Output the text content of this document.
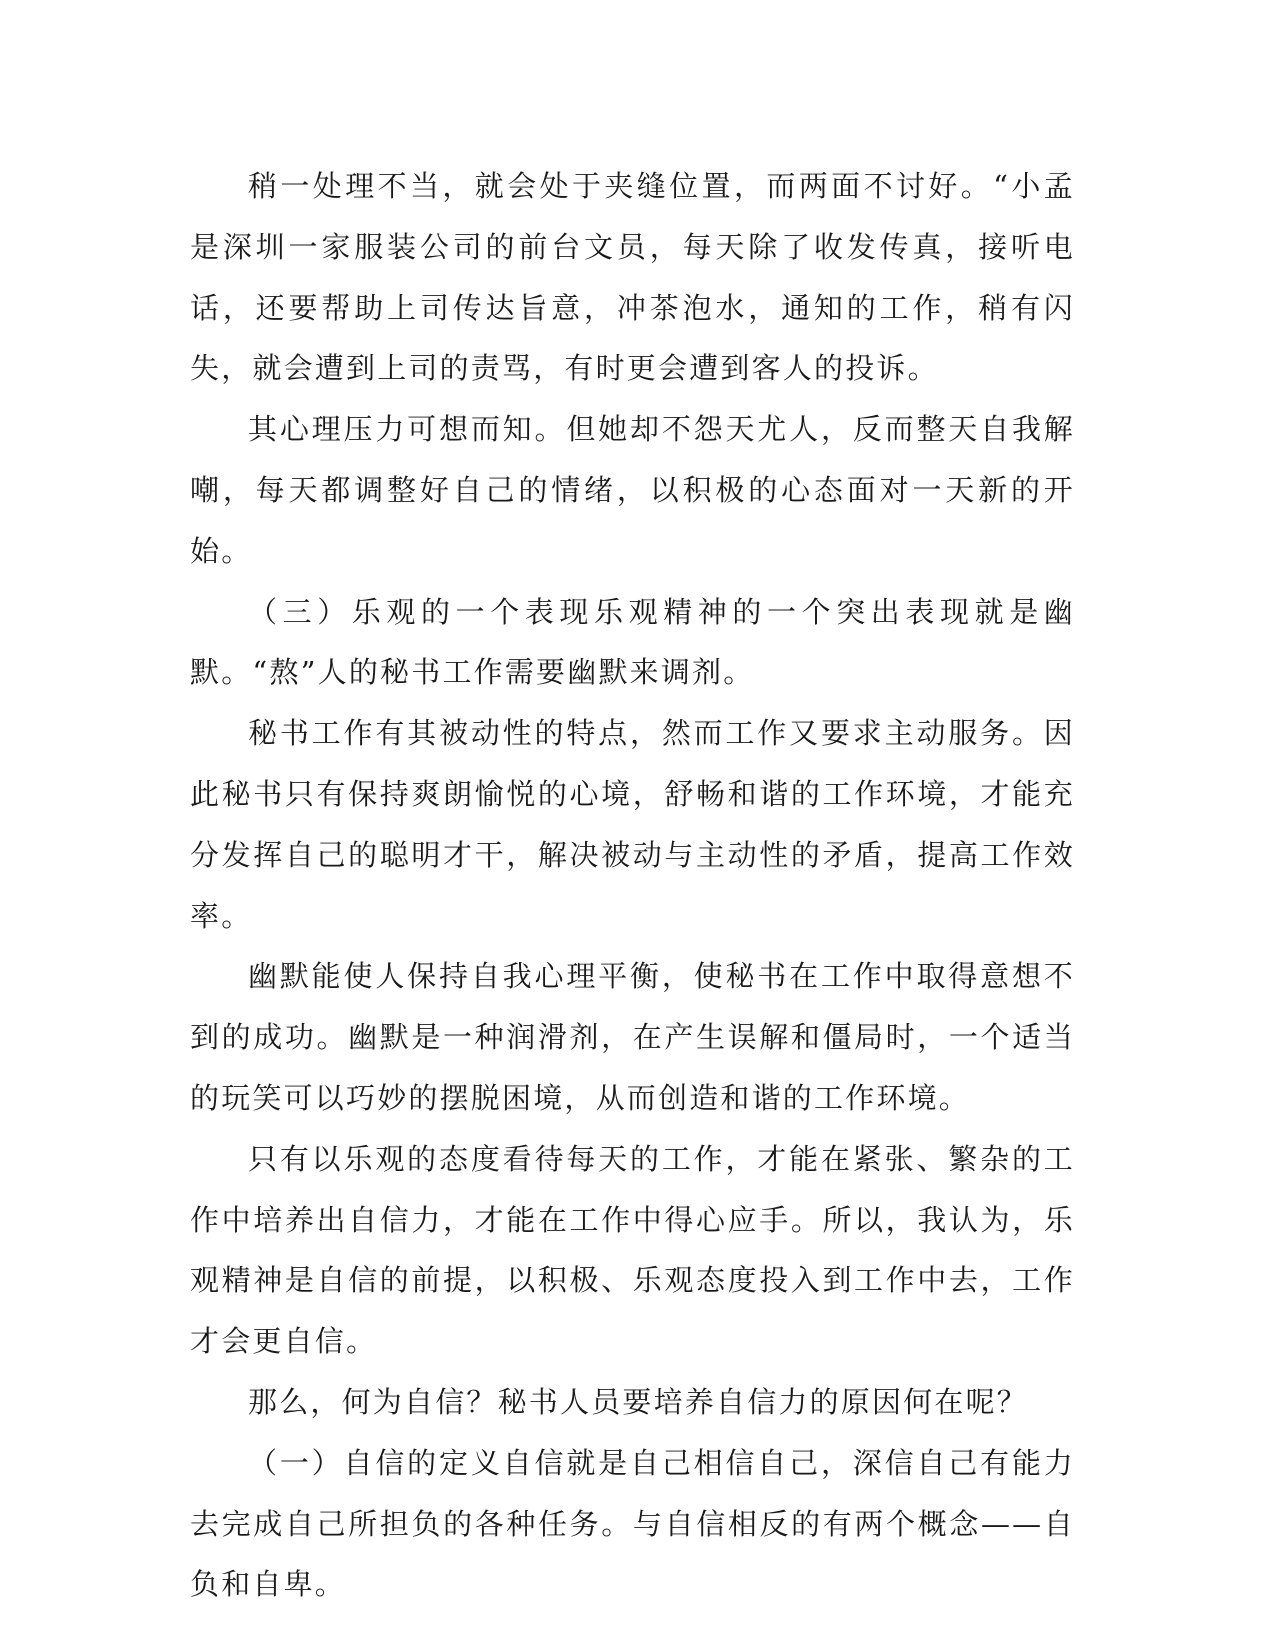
稍一处理不当，就会处于夹缝位置，而两面不讨好。“小孟是深圳一家服装公司的前台文员，每天除了收发传真，接听电话，还要帮助上司传达旨意，冲茶泡水，通知的工作，稍有闪失，就会遭到上司的责骂，有时更会遭到客人的投诉。

其心理压力可想而知。但她却不怨天尤人，反而整天自我解嘲，每天都调整好自己的情绪，以积极的心态面对一天新的开始。

（三）乐观的一个表现乐观精神的一个突出表现就是幽默。“熬”人的秘书工作需要幽默来调剂。

秘书工作有其被动性的特点，然而工作又要求主动服务。因此秘书只有保持爽朗愉悦的心境，舒畅和谐的工作环境，才能充分发挥自己的聪明才干，解决被动与主动性的矛盾，提高工作效率。

幽默能使人保持自我心理平衡，使秘书在工作中取得意想不到的成功。幽默是一种润滑剂，在产生误解和僵局时，一个适当的玩笑可以巧妙的摆脱困境，从而创造和谐的工作环境。

只有以乐观的态度看待每天的工作，才能在紧张、繁杂的工作中培养出自信力，才能在工作中得心应手。所以，我认为，乐观精神是自信的前提，以积极、乐观态度投入到工作中去，工作才会更自信。

那么，何为自信？秘书人员要培养自信力的原因何在呢？

（一）自信的定义自信就是自己相信自己，深信自己有能力去完成自己所担负的各种任务。与自信相反的有两个概念——自负和自卑。
